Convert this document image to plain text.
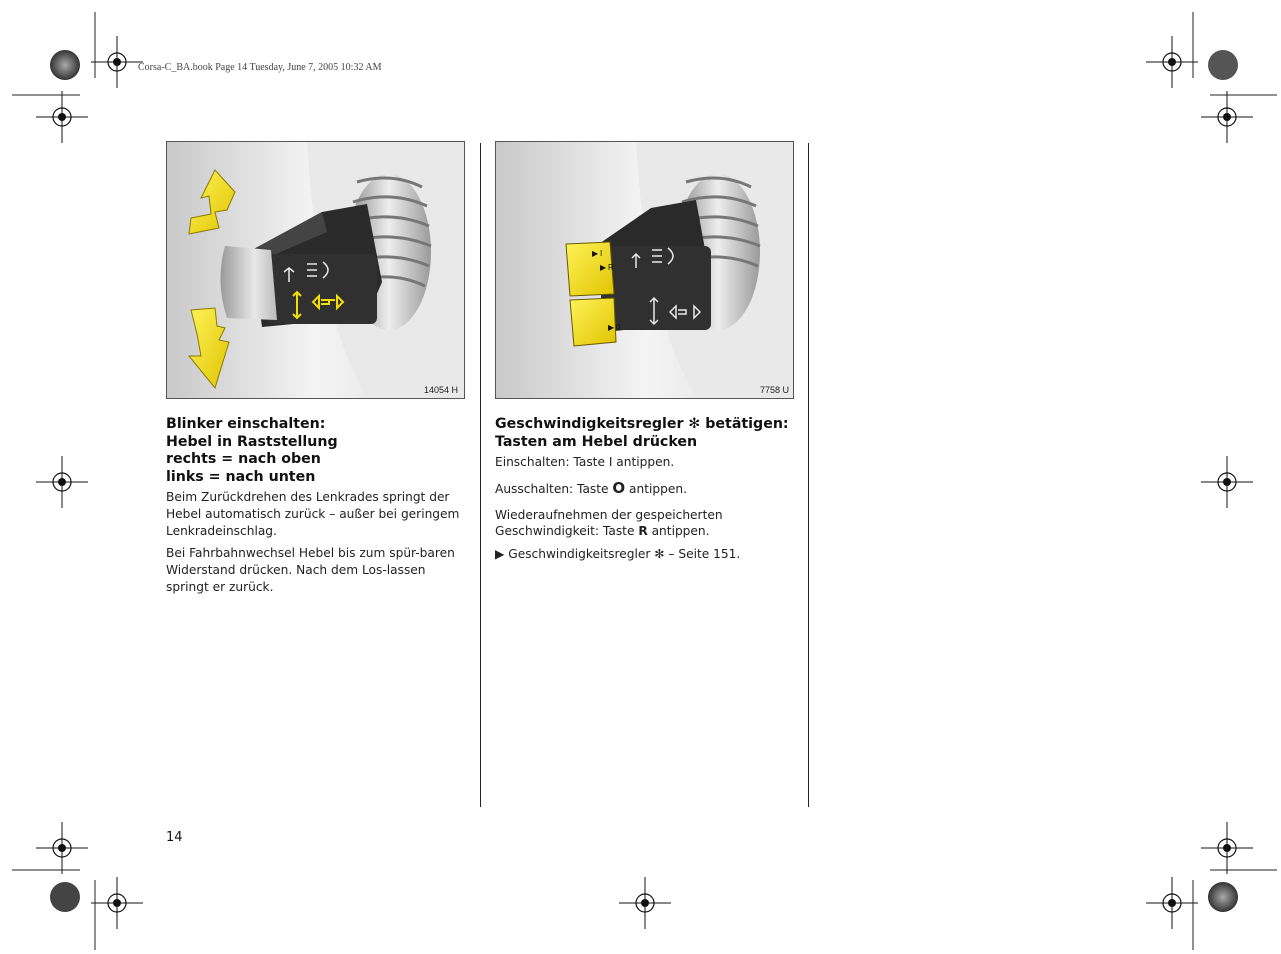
Corsa-C_BA.book Page 14 Tuesday, June 7, 2005 10:32 AM
14054 H
▶ I
▶ R
▶ 0
7758 U
Blinker einschalten:
Hebel in Raststellung
rechts = nach oben
links = nach unten

Beim Zurückdrehen des Lenkrades springt der Hebel automatisch zurück – außer bei geringem Lenkradeinschlag.

Bei Fahrbahnwechsel Hebel bis zum spür-baren Widerstand drücken. Nach dem Los-lassen springt er zurück.

Geschwindigkeitsregler ✻ betätigen:
Tasten am Hebel drücken

Einschalten: Taste I antippen.

Ausschalten: Taste O antippen.

Wiederaufnehmen der gespeicherten
Geschwindigkeit: Taste R antippen.

▶ Geschwindigkeitsregler ✻ – Seite 151.

14
